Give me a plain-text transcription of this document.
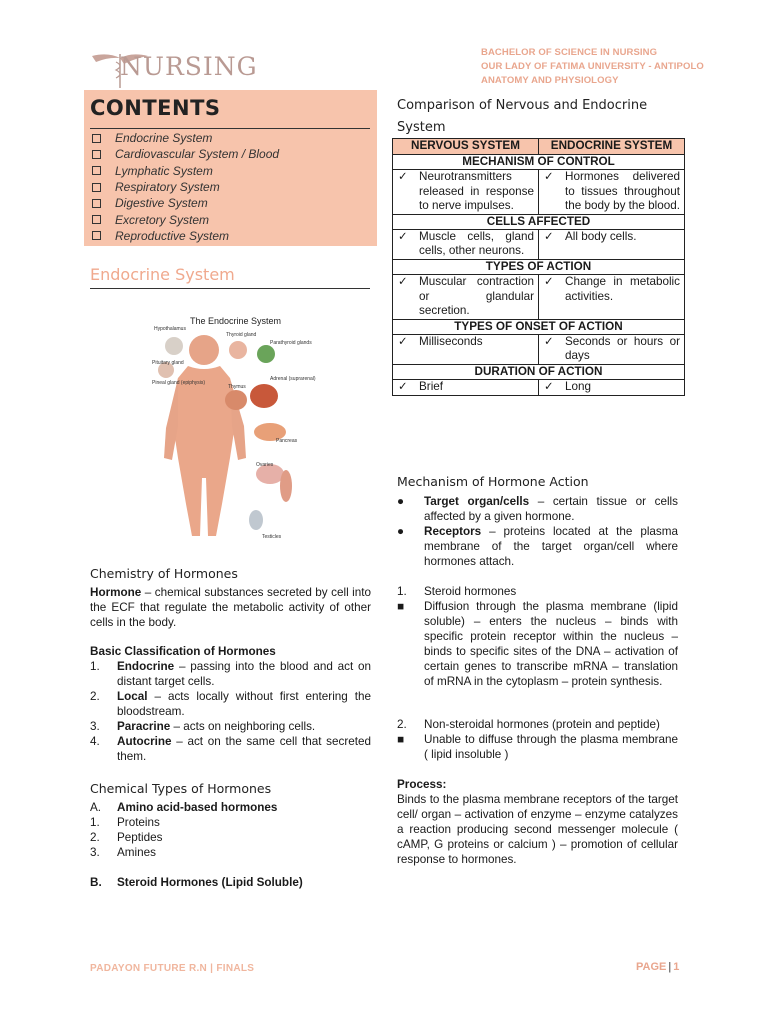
NURSING	BACHELOR OF SCIENCE IN NURSING
OUR LADY OF FATIMA UNIVERSITY - ANTIPOLO
ANATOMY AND PHYSIOLOGY
CONTENTS
Endocrine System
Cardiovascular System / Blood
Lymphatic System
Respiratory System
Digestive System
Excretory System
Reproductive System
Endocrine System
The Endocrine System
Hypothalamus
Pituitary gland
Pineal gland (epiphysis)
Thyroid gland
Parathyroid glands
Adrenal (suprarenal)
Thymus
Pancreas
Ovaries
Testicles
Chemistry of Hormones
Hormone – chemical substances secreted by cell into the ECF that regulate the metabolic activity of other cells in the body.
Basic Classification of Hormones
1.	Endocrine – passing into the blood and act on distant target cells.
2.	Local – acts locally without first entering the bloodstream.
3.	Paracrine – acts on neighboring cells.
4.	Autocrine – act on the same cell that secreted them.
Chemical Types of Hormones
A.	Amino acid-based hormones
1.	Proteins
2.	Peptides
3.	Amines
B.	Steroid Hormones (Lipid Soluble)
Comparison of Nervous and Endocrine System
NERVOUS SYSTEM	ENDOCRINE SYSTEM
MECHANISM OF CONTROL	

✓ Neurotransmitters released in response to nerve impulses.	✓ Hormones delivered to tissues throughout the body by the blood.

CELLS AFFECTED	

✓ Muscle cells, gland cells, other neurons.	✓ All body cells.

TYPES OF ACTION	

✓ Muscular contraction or glandular secretion.	✓ Change in metabolic activities.

TYPES OF ONSET OF ACTION	

✓ Milliseconds	✓ Seconds or hours or days

DURATION OF ACTION	

✓ Brief	✓ Long
Mechanism of Hormone Action
●	Target organ/cells – certain tissue or cells affected by a given hormone.
●	Receptors – proteins located at the plasma membrane of the target organ/cell where hormones attach.
1.	Steroid hormones
■	Diffusion through the plasma membrane (lipid soluble) – enters the nucleus – binds with specific protein receptor within the nucleus – binds to specific sites of the DNA – activation of certain genes to transcribe mRNA – translation of mRNA in the cytoplasm – protein synthesis.
2.	Non-steroidal hormones (protein and peptide)
■	Unable to diffuse through the plasma membrane ( lipid insoluble )
Process:
Binds to the plasma membrane receptors of the target cell/ organ – activation of enzyme – enzyme catalyzes a reaction producing second messenger molecule ( cAMP, G proteins or calcium ) – promotion of cellular response to hormones.
PADAYON FUTURE R.N | FINALS	PAGE | 1
